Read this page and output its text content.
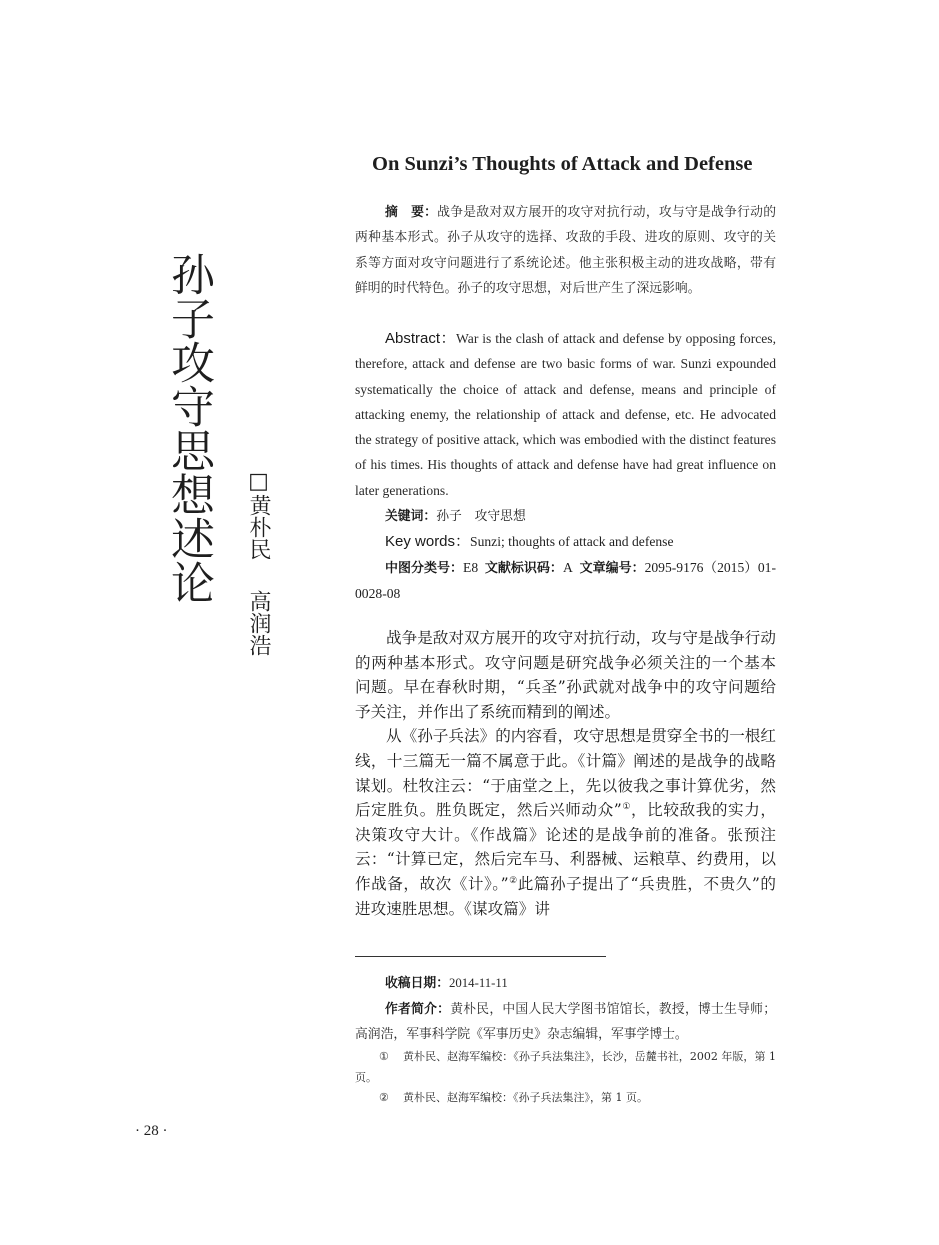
孙子攻守思想述论 □黄朴民高润浩
On Sunzi’s Thoughts of Attack and Defense
摘　要：战争是敌对双方展开的攻守对抗行动，攻与守是战争行动的两种基本形式。孙子从攻守的选择、攻敌的手段、进攻的原则、攻守的关系等方面对攻守问题进行了系统论述。他主张积极主动的进攻战略，带有鲜明的时代特色。孙子的攻守思想，对后世产生了深远影响。
Abstract：War is the clash of attack and defense by opposing forces, therefore, attack and defense are two basic forms of war. Sunzi expounded systematically the choice of attack and defense, means and principle of attacking enemy, the relationship of attack and defense, etc. He advocated the strategy of positive attack, which was embodied with the distinct features of his times. His thoughts of attack and defense have had great influence on later generations.
关键词：孙子　攻守思想
Key words：Sunzi; thoughts of attack and defense
中图分类号：E8 文献标识码：A 文章编号：2095-9176（2015）01-0028-08

战争是敌对双方展开的攻守对抗行动，攻与守是战争行动的两种基本形式。攻守问题是研究战争必须关注的一个基本问题。早在春秋时期，“兵圣”孙武就对战争中的攻守问题给予关注，并作出了系统而精到的阐述。

从《孙子兵法》的内容看，攻守思想是贯穿全书的一根红线，十三篇无一篇不属意于此。《计篇》阐述的是战争的战略谋划。杜牧注云：“于庙堂之上，先以彼我之事计算优劣，然后定胜负。胜负既定，然后兴师动众”①，比较敌我的实力，决策攻守大计。《作战篇》论述的是战争前的准备。张预注云：“计算已定，然后完车马、利器械、运粮草、约费用，以作战备，故次《计》。”②此篇孙子提出了“兵贵胜，不贵久”的进攻速胜思想。《谋攻篇》讲

收稿日期：2014-11-11
作者简介：黄朴民，中国人民大学图书馆馆长，教授，博士生导师；高润浩，军事科学院《军事历史》杂志编辑，军事学博士。
① 黄朴民、赵海军编校：《孙子兵法集注》，长沙，岳麓书社，2002 年版，第 1 页。
② 黄朴民、赵海军编校：《孙子兵法集注》，第 1 页。
· 28 ·
